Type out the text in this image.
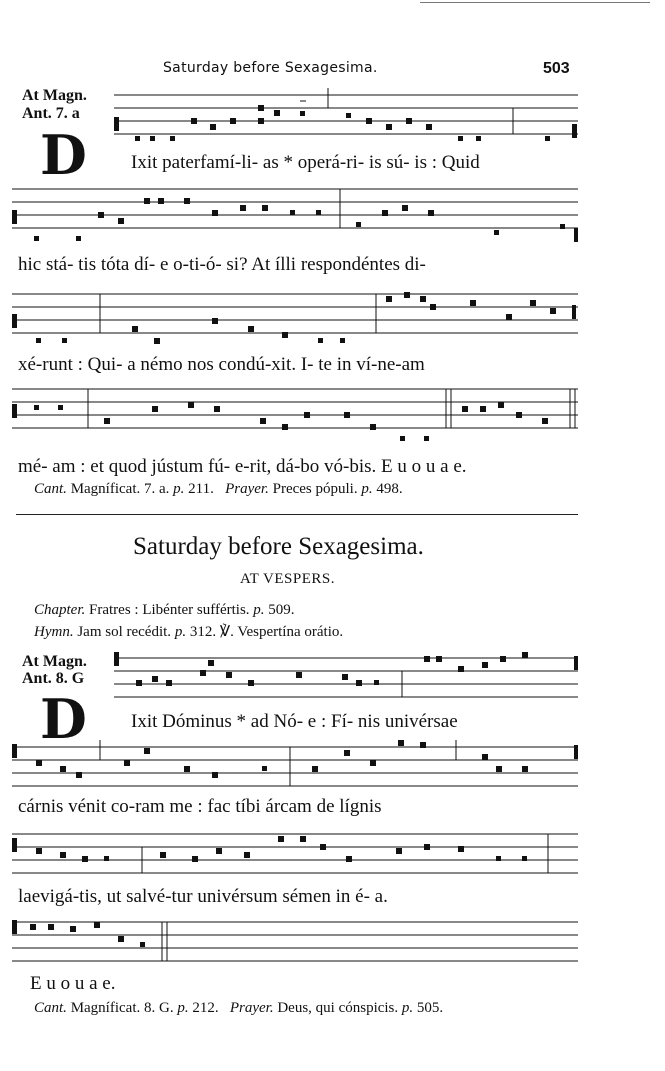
Saturday before Sexagesima.	503
At Magn.
Ant. 7. a
D Ixit paterfamí-li- as * operá-ri- is sú- is : Quid
hic stá- tis tóta dí- e o-ti-ó- si? At ílli respondéntes di-
xé-runt : Qui- a némo nos condú-xit. I- te in ví-ne-am
mé- am : et quod jústum fú- e-rit, dá-bo vó-bis. E u o u a e.
Cant. Magníficat. 7. a. p. 211. Prayer. Preces pópuli. p. 498.
Saturday before Sexagesima.
AT VESPERS.
Chapter. Fratres : Libénter suffértis. p. 509.
Hymn. Jam sol recédit. p. 312. ℣. Vespertína orátio.
At Magn.
Ant. 8. G
D Ixit Dóminus * ad Nó- e : Fí- nis univérsae
cárnis vénit co-ram me : fac tíbi árcam de lígnis
laevigá-tis, ut salvé-tur univérsum sémen in é- a.
E u o u a e.
Cant. Magníficat. 8. G. p. 212. Prayer. Deus, qui cónspicis. p. 505.
